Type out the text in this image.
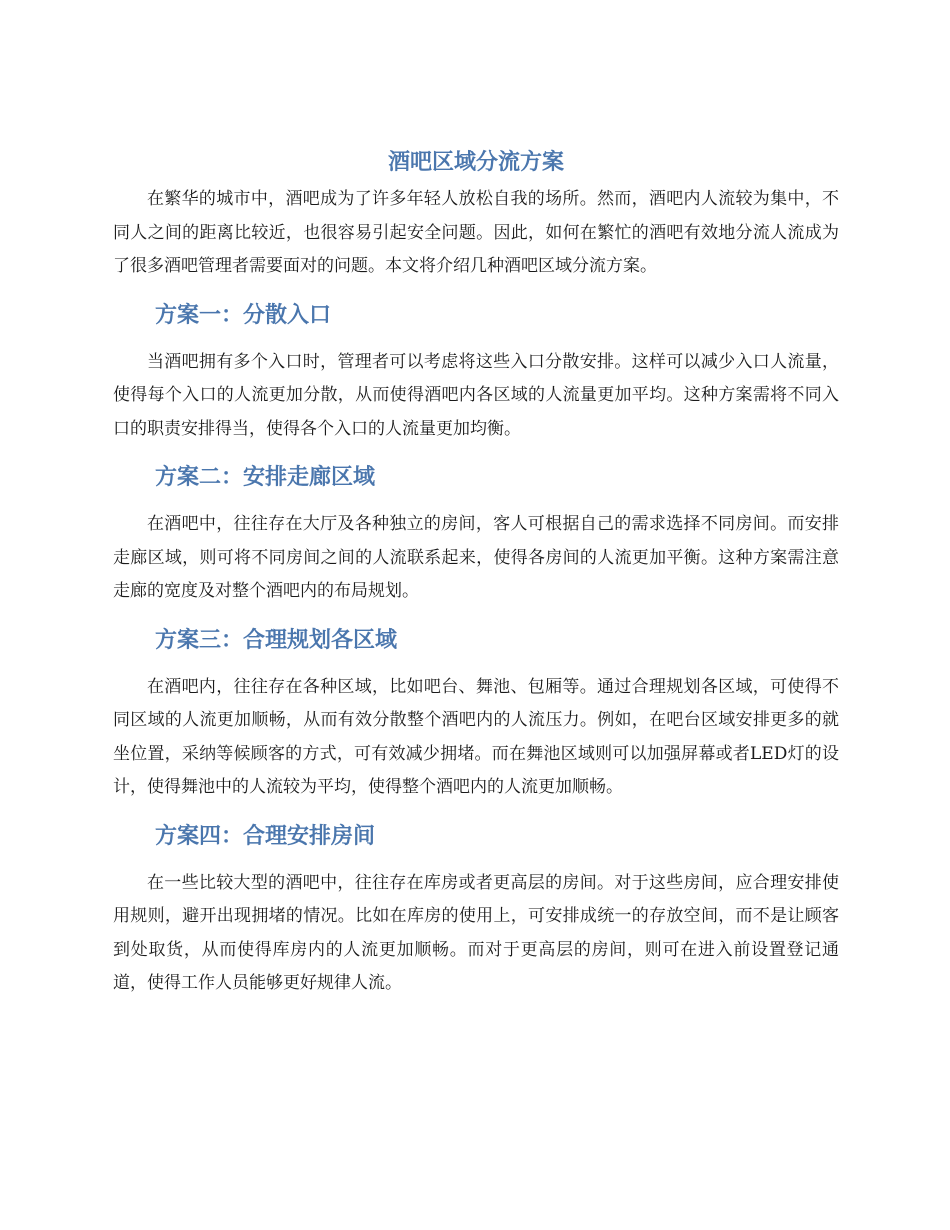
酒吧区域分流方案

在繁华的城市中，酒吧成为了许多年轻人放松自我的场所。然而，酒吧内人流较为集中，不同人之间的距离比较近，也很容易引起安全问题。因此，如何在繁忙的酒吧有效地分流人流成为了很多酒吧管理者需要面对的问题。本文将介绍几种酒吧区域分流方案。

方案一：分散入口

当酒吧拥有多个入口时，管理者可以考虑将这些入口分散安排。这样可以减少入口人流量，使得每个入口的人流更加分散，从而使得酒吧内各区域的人流量更加平均。这种方案需将不同入口的职责安排得当，使得各个入口的人流量更加均衡。

方案二：安排走廊区域

在酒吧中，往往存在大厅及各种独立的房间，客人可根据自己的需求选择不同房间。而安排走廊区域，则可将不同房间之间的人流联系起来，使得各房间的人流更加平衡。这种方案需注意走廊的宽度及对整个酒吧内的布局规划。

方案三：合理规划各区域

在酒吧内，往往存在各种区域，比如吧台、舞池、包厢等。通过合理规划各区域，可使得不同区域的人流更加顺畅，从而有效分散整个酒吧内的人流压力。例如，在吧台区域安排更多的就坐位置，采纳等候顾客的方式，可有效减少拥堵。而在舞池区域则可以加强屏幕或者LED灯的设计，使得舞池中的人流较为平均，使得整个酒吧内的人流更加顺畅。

方案四：合理安排房间

在一些比较大型的酒吧中，往往存在库房或者更高层的房间。对于这些房间，应合理安排使用规则，避开出现拥堵的情况。比如在库房的使用上，可安排成统一的存放空间，而不是让顾客到处取货，从而使得库房内的人流更加顺畅。而对于更高层的房间，则可在进入前设置登记通道，使得工作人员能够更好规律人流。
